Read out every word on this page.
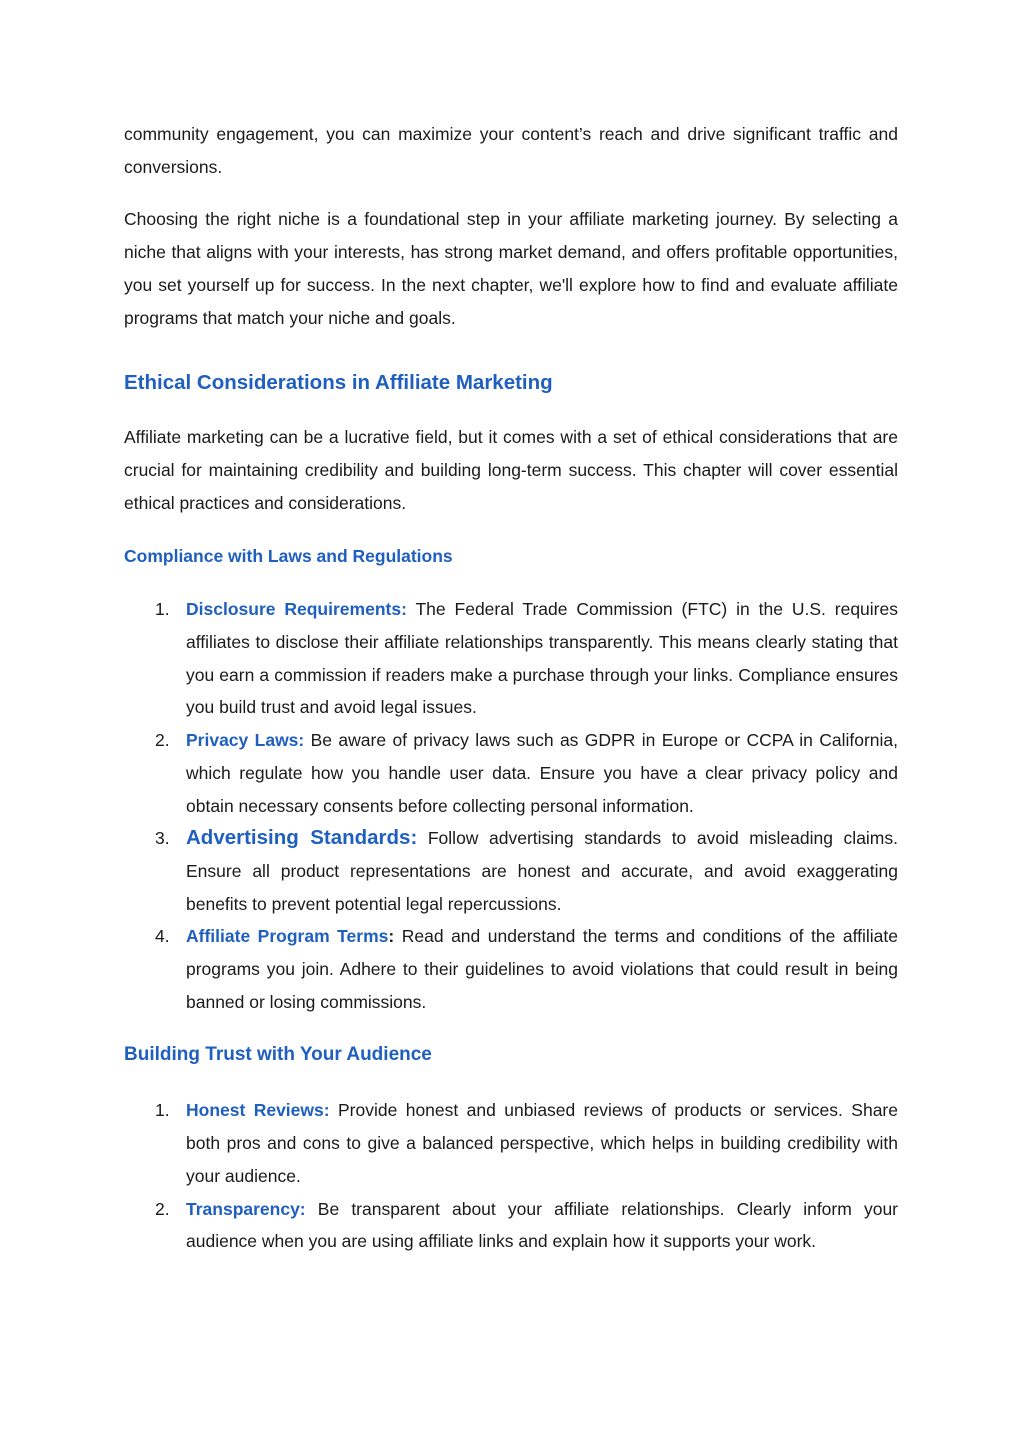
community engagement, you can maximize your content’s reach and drive significant traffic and conversions.

Choosing the right niche is a foundational step in your affiliate marketing journey. By selecting a niche that aligns with your interests, has strong market demand, and offers profitable opportunities, you set yourself up for success. In the next chapter, we'll explore how to find and evaluate affiliate programs that match your niche and goals.

Ethical Considerations in Affiliate Marketing

Affiliate marketing can be a lucrative field, but it comes with a set of ethical considerations that are crucial for maintaining credibility and building long-term success. This chapter will cover essential ethical practices and considerations.

Compliance with Laws and Regulations
1. Disclosure Requirements: The Federal Trade Commission (FTC) in the U.S. requires affiliates to disclose their affiliate relationships transparently. This means clearly stating that you earn a commission if readers make a purchase through your links. Compliance ensures you build trust and avoid legal issues.
2. Privacy Laws: Be aware of privacy laws such as GDPR in Europe or CCPA in California, which regulate how you handle user data. Ensure you have a clear privacy policy and obtain necessary consents before collecting personal information.
3. Advertising Standards: Follow advertising standards to avoid misleading claims. Ensure all product representations are honest and accurate, and avoid exaggerating benefits to prevent potential legal repercussions.
4. Affiliate Program Terms: Read and understand the terms and conditions of the affiliate programs you join. Adhere to their guidelines to avoid violations that could result in being banned or losing commissions.
Building Trust with Your Audience
1. Honest Reviews: Provide honest and unbiased reviews of products or services. Share both pros and cons to give a balanced perspective, which helps in building credibility with your audience.
2. Transparency: Be transparent about your affiliate relationships. Clearly inform your audience when you are using affiliate links and explain how it supports your work.
